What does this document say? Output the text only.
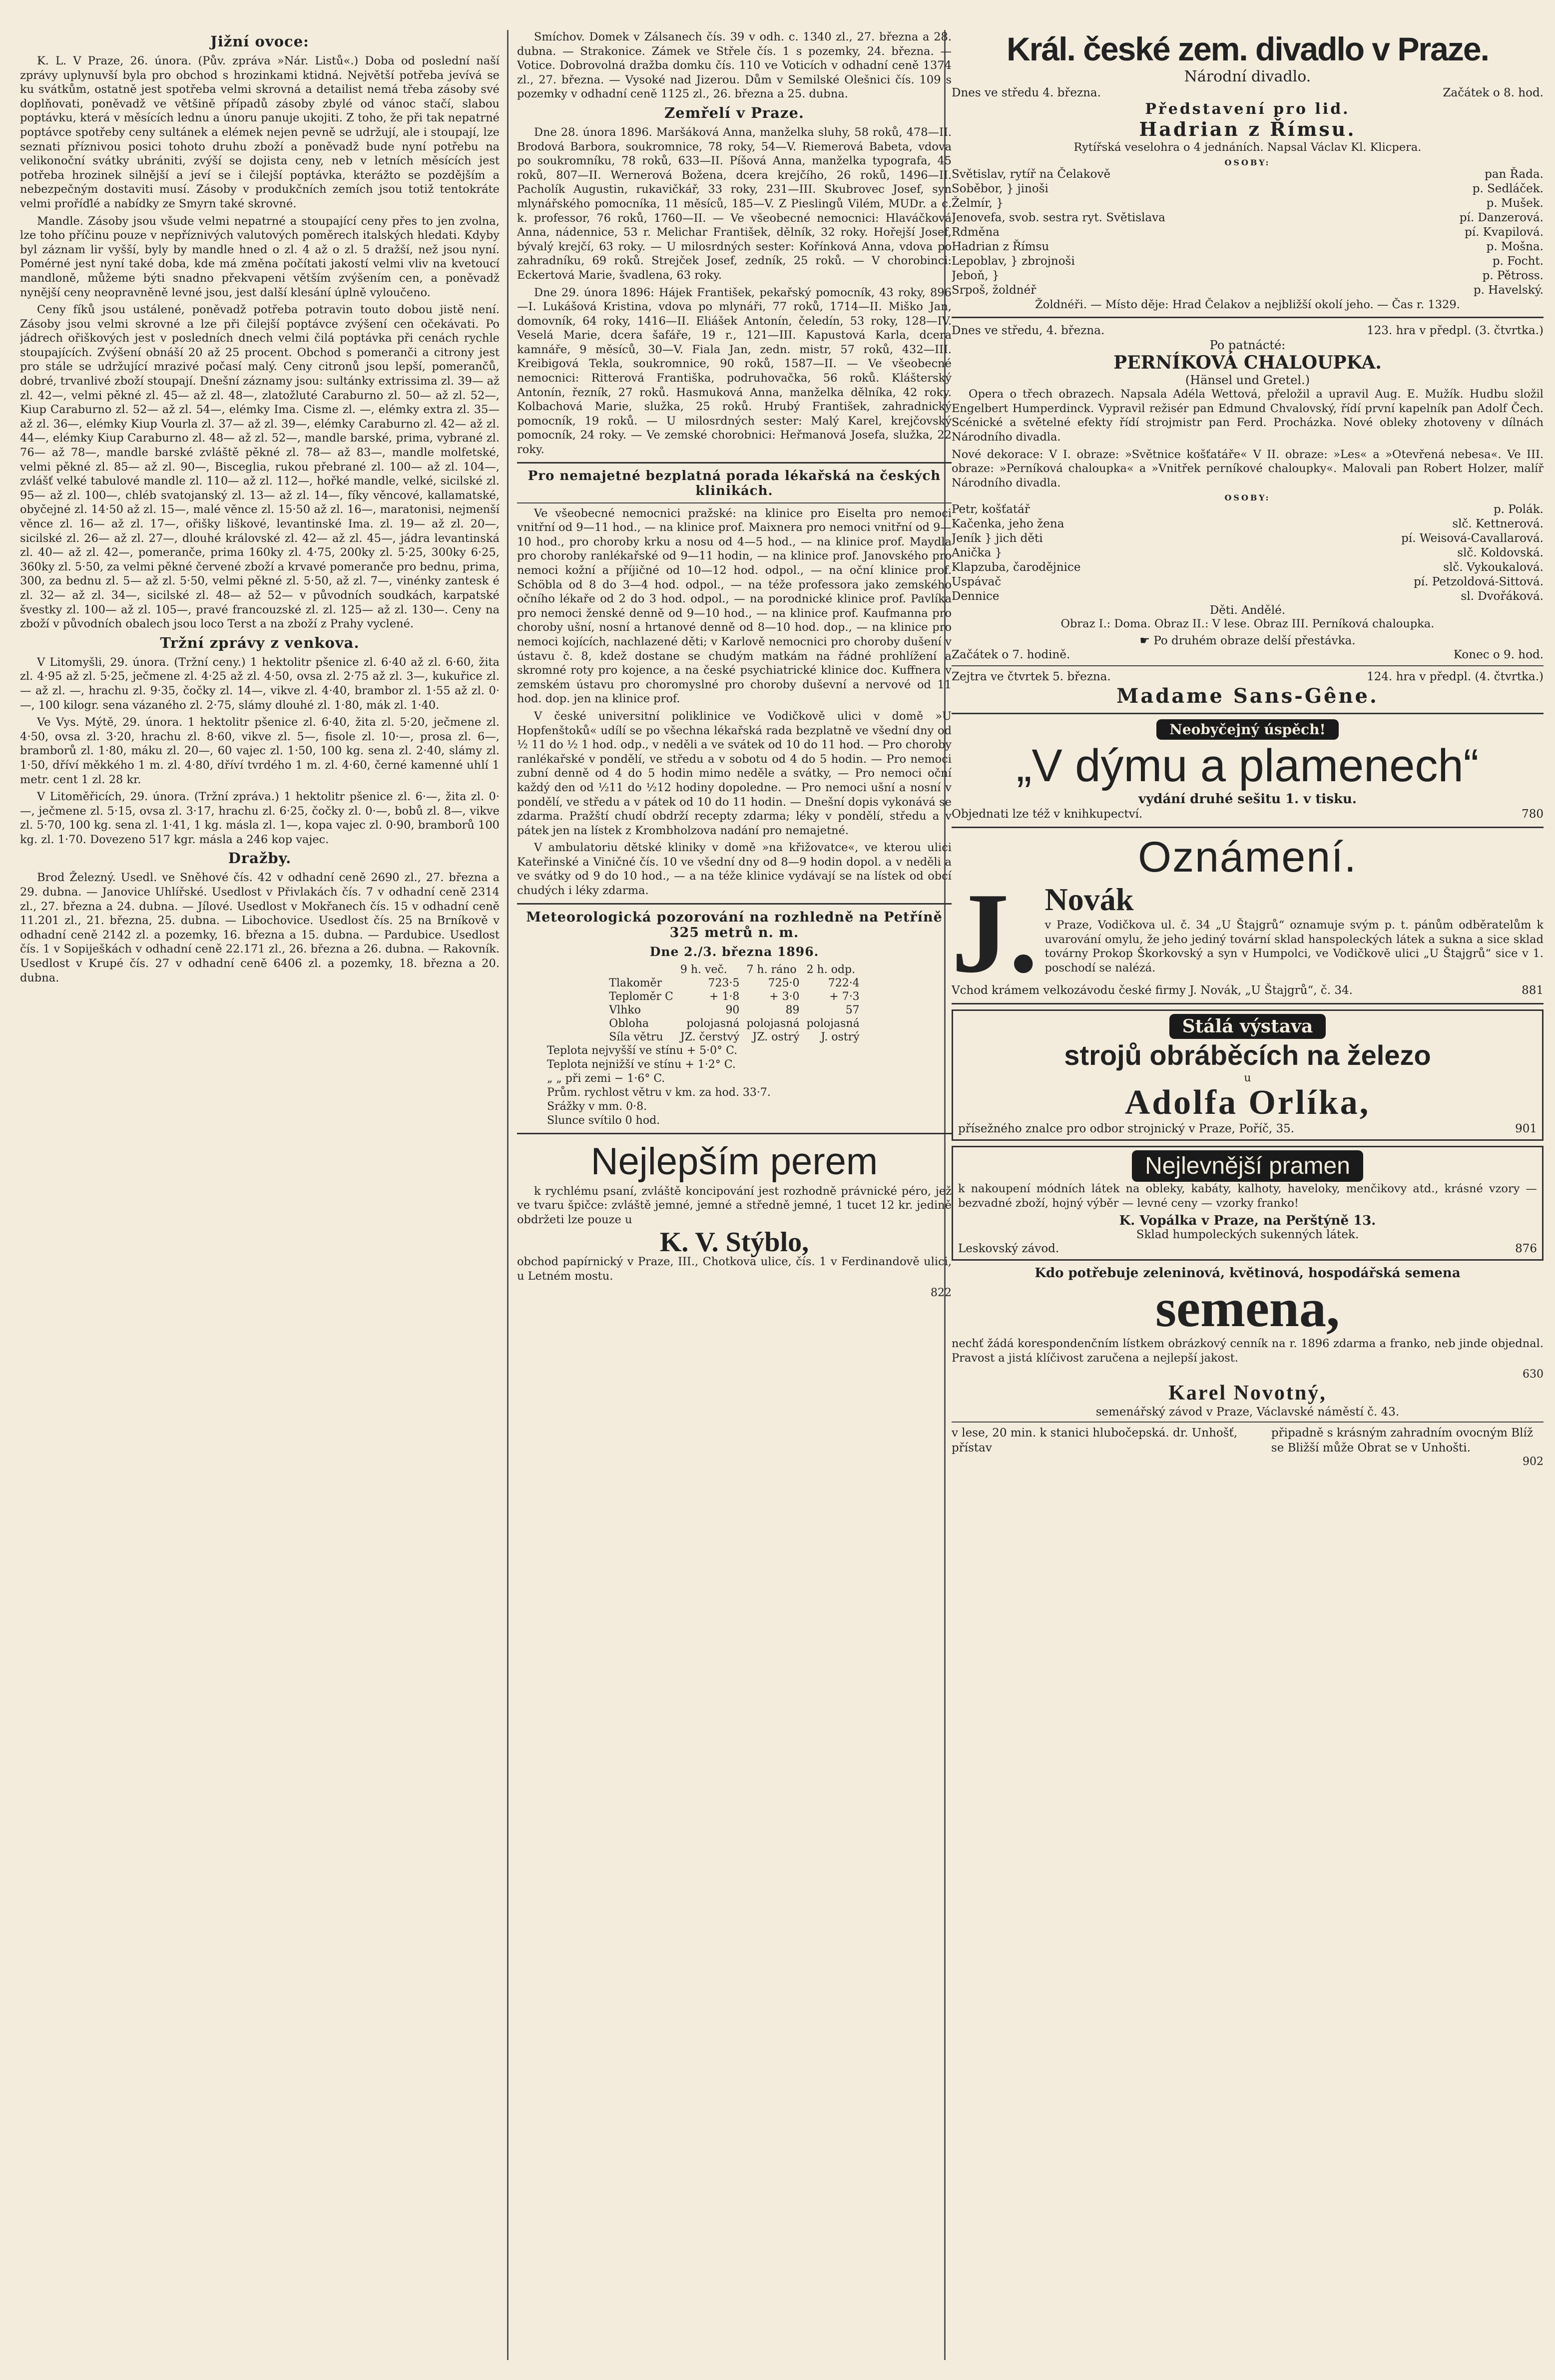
Jižní ovoce:

K. L. V Praze, 26. února. (Pův. zpráva »Nár. Listů«.) Doba od poslední naší zprávy uplynuvší byla pro obchod s hrozinkami ktidná. Největší potřeba jevívá se ku svátkům, ostatně jest spotřeba velmi skrovná a detailist nemá třeba zásoby své doplňovati, poněvadž ve většině případů zásoby zbylé od vánoc stačí, slabou poptávku, která v měsících lednu a únoru panuje ukojiti. Z toho, že při tak nepatrné poptávce spotřeby ceny sultánek a elémek nejen pevně se udržují, ale i stoupají, lze seznati příznivou posici tohoto druhu zboží a poněvadž bude nyní potřebu na velikonoční svátky ubrániti, zvýší se dojista ceny, neb v letních měsících jest potřeba hrozinek silnější a jeví se i čilejší poptávka, kterážto se pozdějším a nebezpečným dostaviti musí. Zásoby v produkčních zemích jsou totiž tentokráte velmi proříďlé a nabídky ze Smyrn také skrovné.

Mandle. Zásoby jsou všude velmi nepatrné a stoupající ceny přes to jen zvolna, lze toho příčinu pouze v nepříznivých valutových poměrech italských hledati. Kdyby byl záznam lir vyšší, byly by mandle hned o zl. 4 až o zl. 5 dražší, než jsou nyní. Pomérné jest nyní také doba, kde má změna počítati jakostí velmi vliv na kvetoucí mandloně, můžeme býti snadno překvapeni větším zvýšením cen, a poněvadž nynější ceny neopravněně levné jsou, jest další klesání úplně vyloučeno.

Ceny fíků jsou ustálené, poněvadž potřeba potravin touto dobou jistě není. Zásoby jsou velmi skrovné a lze při čilejší poptávce zvýšení cen očekávati. Po jádrech ořiškových jest v posledních dnech velmi čilá poptávka při cenách rychle stoupajících. Zvýšení obnáší 20 až 25 procent. Obchod s pomeranči a citrony jest pro stále se udržující mrazivé počasí malý. Ceny citronů jsou lepší, pomerančů, dobré, trvanlivé zboží stoupají. Dnešní záznamy jsou: sultánky extrissima zl. 39— až zl. 42—, velmi pěkné zl. 45— až zl. 48—, zlatožluté Caraburno zl. 50— až zl. 52—, Kiup Caraburno zl. 52— až zl. 54—, elémky Ima. Cisme zl. —, elémky extra zl. 35— až zl. 36—, elémky Kiup Vourla zl. 37— až zl. 39—, elémky Caraburno zl. 42— až zl. 44—, elémky Kiup Caraburno zl. 48— až zl. 52—, mandle barské, prima, vybrané zl. 76— až 78—, mandle barské zvláště pěkné zl. 78— až 83—, mandle molfetské, velmi pěkné zl. 85— až zl. 90—, Bisceglia, rukou přebrané zl. 100— až zl. 104—, zvlášť velké tabulové mandle zl. 110— až zl. 112—, hořké mandle, velké, sicilské zl. 95— až zl. 100—, chléb svatojanský zl. 13— až zl. 14—, fíky věncové, kallamatské, obyčejné zl. 14·50 až zl. 15—, malé věnce zl. 15·50 až zl. 16—, maratonisi, nejmenší věnce zl. 16— až zl. 17—, ořišky liškové, levantinské Ima. zl. 19— až zl. 20—, sicilské zl. 26— až zl. 27—, dlouhé královské zl. 42— až zl. 45—, jádra levantinská zl. 40— až zl. 42—, pomeranče, prima 160ky zl. 4·75, 200ky zl. 5·25, 300ky 6·25, 360ky zl. 5·50, za velmi pěkné červené zboží a krvavé pomeranče pro bednu, prima, 300, za bednu zl. 5— až zl. 5·50, velmi pěkné zl. 5·50, až zl. 7—, vinénky zantesk é zl. 32— až zl. 34—, sicilské zl. 48— až 52— v původních soudkách, karpatské švestky zl. 100— až zl. 105—, pravé francouzské zl. zl. 125— až zl. 130—. Ceny na zboží v původních obalech jsou loco Terst a na zboží z Prahy vyclené.

Tržní zprávy z venkova.

V Litomyšli, 29. února. (Tržní ceny.) 1 hektolitr pšenice zl. 6·40 až zl. 6·60, žita zl. 4·95 až zl. 5·25, ječmene zl. 4·25 až zl. 4·50, ovsa zl. 2·75 až zl. 3—, kukuřice zl. — až zl. —, hrachu zl. 9·35, čočky zl. 14—, vikve zl. 4·40, brambor zl. 1·55 až zl. 0·—, 100 kilogr. sena vázaného zl. 2·75, slámy dlouhé zl. 1·80, mák zl. 1·40.

Ve Vys. Mýtě, 29. února. 1 hektolitr pšenice zl. 6·40, žita zl. 5·20, ječmene zl. 4·50, ovsa zl. 3·20, hrachu zl. 8·60, vikve zl. 5—, fisole zl. 10·—, prosa zl. 6—, bramborů zl. 1·80, máku zl. 20—, 60 vajec zl. 1·50, 100 kg. sena zl. 2·40, slámy zl. 1·50, dříví měkkého 1 m. zl. 4·80, dříví tvrdého 1 m. zl. 4·60, černé kamenné uhlí 1 metr. cent 1 zl. 28 kr.

V Litoměřicích, 29. února. (Tržní zpráva.) 1 hektolitr pšenice zl. 6·—, žita zl. 0·—, ječmene zl. 5·15, ovsa zl. 3·17, hrachu zl. 6·25, čočky zl. 0·—, bobů zl. 8—, vikve zl. 5·70, 100 kg. sena zl. 1·41, 1 kg. másla zl. 1—, kopa vajec zl. 0·90, bramborů 100 kg. zl. 1·70. Dovezeno 517 kgr. másla a 246 kop vajec.

Dražby.

Brod Železný. Usedl. ve Sněhové čís. 42 v odhadní ceně 2690 zl., 27. března a 29. dubna. — Janovice Uhlířské. Usedlost v Přivlakách čís. 7 v odhadní ceně 2314 zl., 27. března a 24. dubna. — Jílové. Usedlost v Mokřanech čís. 15 v odhadní ceně 11.201 zl., 21. března, 25. dubna. — Libochovice. Usedlost čís. 25 na Brníkově v odhadní ceně 2142 zl. a pozemky, 16. března a 15. dubna. — Pardubice. Usedlost čís. 1 v Sopiješkách v odhadní ceně 22.171 zl., 26. března a 26. dubna. — Rakovník. Usedlost v Krupé čís. 27 v odhadní ceně 6406 zl. a pozemky, 18. března a 20. dubna.

Smíchov. Domek v Zálsanech čís. 39 v odh. c. 1340 zl., 27. března a 28. dubna. — Strakonice. Zámek ve Střele čís. 1 s pozemky, 24. března. — Votice. Dobrovolná dražba domku čís. 110 ve Voticích v odhadní ceně 1374 zl., 27. března. — Vysoké nad Jizerou. Dům v Semilské Olešnici čís. 109 s pozemky v odhadní ceně 1125 zl., 26. března a 25. dubna.

Zemřelí v Praze.

Dne 28. února 1896. Maršáková Anna, manželka sluhy, 58 roků, 478—II. Brodová Barbora, soukromnice, 78 roky, 54—V. Riemerová Babeta, vdova po soukromníku, 78 roků, 633—II. Píšová Anna, manželka typografa, 45 roků, 807—II. Wernerová Božena, dcera krejčího, 26 roků, 1496—II. Pacholík Augustin, rukavičkář, 33 roky, 231—III. Skubrovec Josef, syn mlynářského pomocníka, 11 měsíců, 185—V. Z Pieslingů Vilém, MUDr. a c. k. professor, 76 roků, 1760—II. — Ve všeobecné nemocnici: Hlaváčková Anna, nádennice, 53 r. Melichar František, dělník, 32 roky. Hořejší Josef, bývalý krejčí, 63 roky. — U milosrdných sester: Kořínková Anna, vdova po zahradníku, 69 roků. Strejček Josef, zedník, 25 roků. — V chorobinci: Eckertová Marie, švadlena, 63 roky.

Dne 29. února 1896: Hájek František, pekařský pomocník, 43 roky, 896—I. Lukášová Kristina, vdova po mlynáři, 77 roků, 1714—II. Miško Jan, domovník, 64 roky, 1416—II. Eliášek Antonín, čeledín, 53 roky, 128—IV. Veselá Marie, dcera šafáře, 19 r., 121—III. Kapustová Karla, dcera kamnáře, 9 měsíců, 30—V. Fiala Jan, zedn. mistr, 57 roků, 432—III. Kreibigová Tekla, soukromnice, 90 roků, 1587—II. — Ve všeobecné nemocnici: Ritterová Františka, podruhovačka, 56 roků. Klášterský Antonín, řezník, 27 roků. Hasmuková Anna, manželka dělníka, 42 roky. Kolbachová Marie, služka, 25 roků. Hrubý František, zahradnický pomocník, 19 roků. — U milosrdných sester: Malý Karel, krejčovský pomocník, 24 roky. — Ve zemské chorobnici: Heřmanová Josefa, služka, 22 roky.

Pro nemajetné bezplatná porada lékařská na českých klinikách.

Ve všeobecné nemocnici pražské: na klinice pro Eiselta pro nemoci vnitřní od 9—11 hod., — na klinice prof. Maixnera pro nemoci vnitřní od 9—10 hod., pro choroby krku a nosu od 4—5 hod., — na klinice prof. Maydla pro choroby ranlékařské od 9—11 hodin, — na klinice prof. Janovského pro nemoci kožní a příjičné od 10—12 hod. odpol., — na oční klinice prof. Schöbla od 8 do 3—4 hod. odpol., — na téže professora jako zemského očního lékaře od 2 do 3 hod. odpol., — na porodnické klinice prof. Pavlíka pro nemoci ženské denně od 9—10 hod., — na klinice prof. Kaufmanna pro choroby ušní, nosní a hrtanové denně od 8—10 hod. dop., — na klinice pro nemoci kojících, nachlazené děti; v Karlově nemocnici pro choroby dušení v ústavu č. 8, kdež dostane se chudým matkám na řádné prohlížení a skromné roty pro kojence, a na české psychiatrické klinice doc. Kuffnera v zemském ústavu pro choromyslné pro choroby duševní a nervové od 11 hod. dop. jen na klinice prof.

V české universitní poliklinice ve Vodičkově ulici v domě »U Hopfenštoků« udílí se po všechna lékařská rada bezplatně ve všední dny od ½ 11 do ½ 1 hod. odp., v neděli a ve svátek od 10 do 11 hod. — Pro choroby ranlékařské v pondělí, ve středu a v sobotu od 4 do 5 hodin. — Pro nemoci zubní denně od 4 do 5 hodin mimo neděle a svátky, — Pro nemoci oční každý den od ½11 do ½12 hodiny dopoledne. — Pro nemoci ušní a nosní v pondělí, ve středu a v pátek od 10 do 11 hodin. — Dnešní dopis vykonává se zdarma. Pražští chudí obdrží recepty zdarma; léky v pondělí, středu a v pátek jen na lístek z Krombholzova nadání pro nemajetné.

V ambulatoriu dětské kliniky v domě »na křižovatce«, ve kterou ulici Kateřinské a Viničné čís. 10 ve všední dny od 8—9 hodin dopol. a v neděli a ve svátky od 9 do 10 hod., — a na téže klinice vydávají se na lístek od obcí chudých i léky zdarma.

Meteorologická pozorování na rozhledně na Petříně 325 metrů n. m.
Dne 2./3. března 1896.
	9 h. več.	7 h. ráno	2 h. odp.
Tlakoměr	723·5	725·0	722·4
Teploměr C	+ 1·8	+ 3·0	+ 7·3
Vlhko	90	89	57
Obloha	polojasná	polojasná	polojasná
Síla větru	JZ. čerstvý	JZ. ostrý	J. ostrý
Teplota nejvyšší ve stínu + 5·0° C.
Teplota nejnižší ve stínu + 1·2° C.
„ „ při zemi − 1·6° C.
Prům. rychlost větru v km. za hod. 33·7.
Srážky v mm. 0·8.
Slunce svítilo 0 hod.
Nejlepším perem

k rychlému psaní, zvláště koncipování jest rozhodně právnické péro, jež ve tvaru špičce: zvláště jemné, jemné a středně jemné, 1 tucet 12 kr. jedině obdržeti lze pouze u

K. V. Stýblo,

obchod papírnický v Praze, III., Chotkova ulice, čís. 1 v Ferdinandově ulici, u Letném mostu.

822
Král. české zem. divadlo v Praze.
Národní divadlo.
Dnes ve středu 4. března.	Začátek o 8. hod.
Představení pro lid.
Hadrian z Římsu.

Rytířská veselohra o 4 jednáních. Napsal Václav Kl. Klicpera.

OSOBY:
Světislav, rytíř na Čelakově	pan Řada.
Soběbor, } jinoši	p. Sedláček.
Želmír, }	p. Mušek.
Jenovefa, svob. sestra ryt. Světislava	pí. Danzerová.
Rdměna	pí. Kvapilová.
Hadrian z Římsu	p. Mošna.
Lepoblav, } zbrojnoši	p. Focht.
Jeboň, }	p. Pětross.
Srpoš, žoldnéř	p. Havelský.

Žoldnéři. — Místo děje: Hrad Čelakov a nejbližší okolí jeho. — Čas r. 1329.

Dnes ve středu, 4. března.	123. hra v předpl. (3. čtvrtka.)
Po patnácté:
PERNÍKOVÁ CHALOUPKA.
(Hänsel und Gretel.)

Opera o třech obrazech. Napsala Adéla Wettová, přeložil a upravil Aug. E. Mužík. Hudbu složil Engelbert Humperdinck. Vypravil režisér pan Edmund Chvalovský, řídí první kapelník pan Adolf Čech. Scénické a světelné efekty řídí strojmistr pan Ferd. Procházka. Nové obleky zhotoveny v dílnách Národního divadla.

Nové dekorace: V I. obraze: »Světnice košťatáře« V II. obraze: »Les« a »Otevřená nebesa«. Ve III. obraze: »Perníková chaloupka« a »Vnitřek perníkové chaloupky«. Malovali pan Robert Holzer, malíř Národního divadla.

OSOBY:
Petr, košťatář	p. Polák.
Kačenka, jeho žena	slč. Kettnerová.
Jeník } jich děti	pí. Weisová-Cavallarová.
Anička }	slč. Koldovská.
Klapzuba, čarodějnice	slč. Vykoukalová.
Uspávač	pí. Petzoldová-Sittová.
Dennice	sl. Dvořáková.
Děti. Andělé.

Obraz I.: Doma. Obraz II.: V lese. Obraz III. Perníková chaloupka.

☛ Po druhém obraze delší přestávka.
Začátek o 7. hodině.	Konec o 9. hod.
Zejtra ve čtvrtek 5. března.	124. hra v předpl. (4. čtvrtka.)
Madame Sans-Gêne.
Neobyčejný úspěch!
„V dýmu a plamenech“
vydání druhé sešitu 1. v tisku.
Objednati lze též v knihkupectví.	780
Oznámení.
J. Novák

v Praze, Vodičkova ul. č. 34 „U Štajgrů“ oznamuje svým p. t. pánům odběratelům k uvarování omylu, že jeho jediný tovární sklad hanspoleckých látek a sukna a sice sklad továrny Prokop Škorkovský a syn v Humpolci, ve Vodičkově ulici „U Štajgrů“ sice v 1. poschodí se nalézá.

Vchod krámem velkozávodu české firmy J. Novák, „U Štajgrů“, č. 34.	881
Stálá výstava
strojů obráběcích na železo
u
Adolfa Orlíka,
přísežného znalce pro odbor strojnický v Praze, Poříč, 35.	901
Nejlevnější pramen

k nakoupení módních látek na obleky, kabáty, kalhoty, haveloky, menčikovy atd., krásné vzory — bezvadné zboží, hojný výběr — levné ceny — vzorky franko!

K. Vopálka v Praze, na Perštýně 13.
Sklad humpoleckých sukenných látek.
Leskovský závod.	876
Kdo potřebuje zeleninová, květinová, hospodářská semena
semena,

nechť žádá korespondenčním lístkem obrázkový cenník na r. 1896 zdarma a franko, neb jinde objednal. Pravost a jistá klíčivost zaručena a nejlepší jakost.

630
Karel Novotný,
semenářský závod v Praze, Václavské náměstí č. 43.
v lese, 20 min. k stanici hlubočepská. dr. Unhošť, přístav
připadně s krásným zahradním ovocným Blíž se Bližší může Obrat se v Unhošti.
902
